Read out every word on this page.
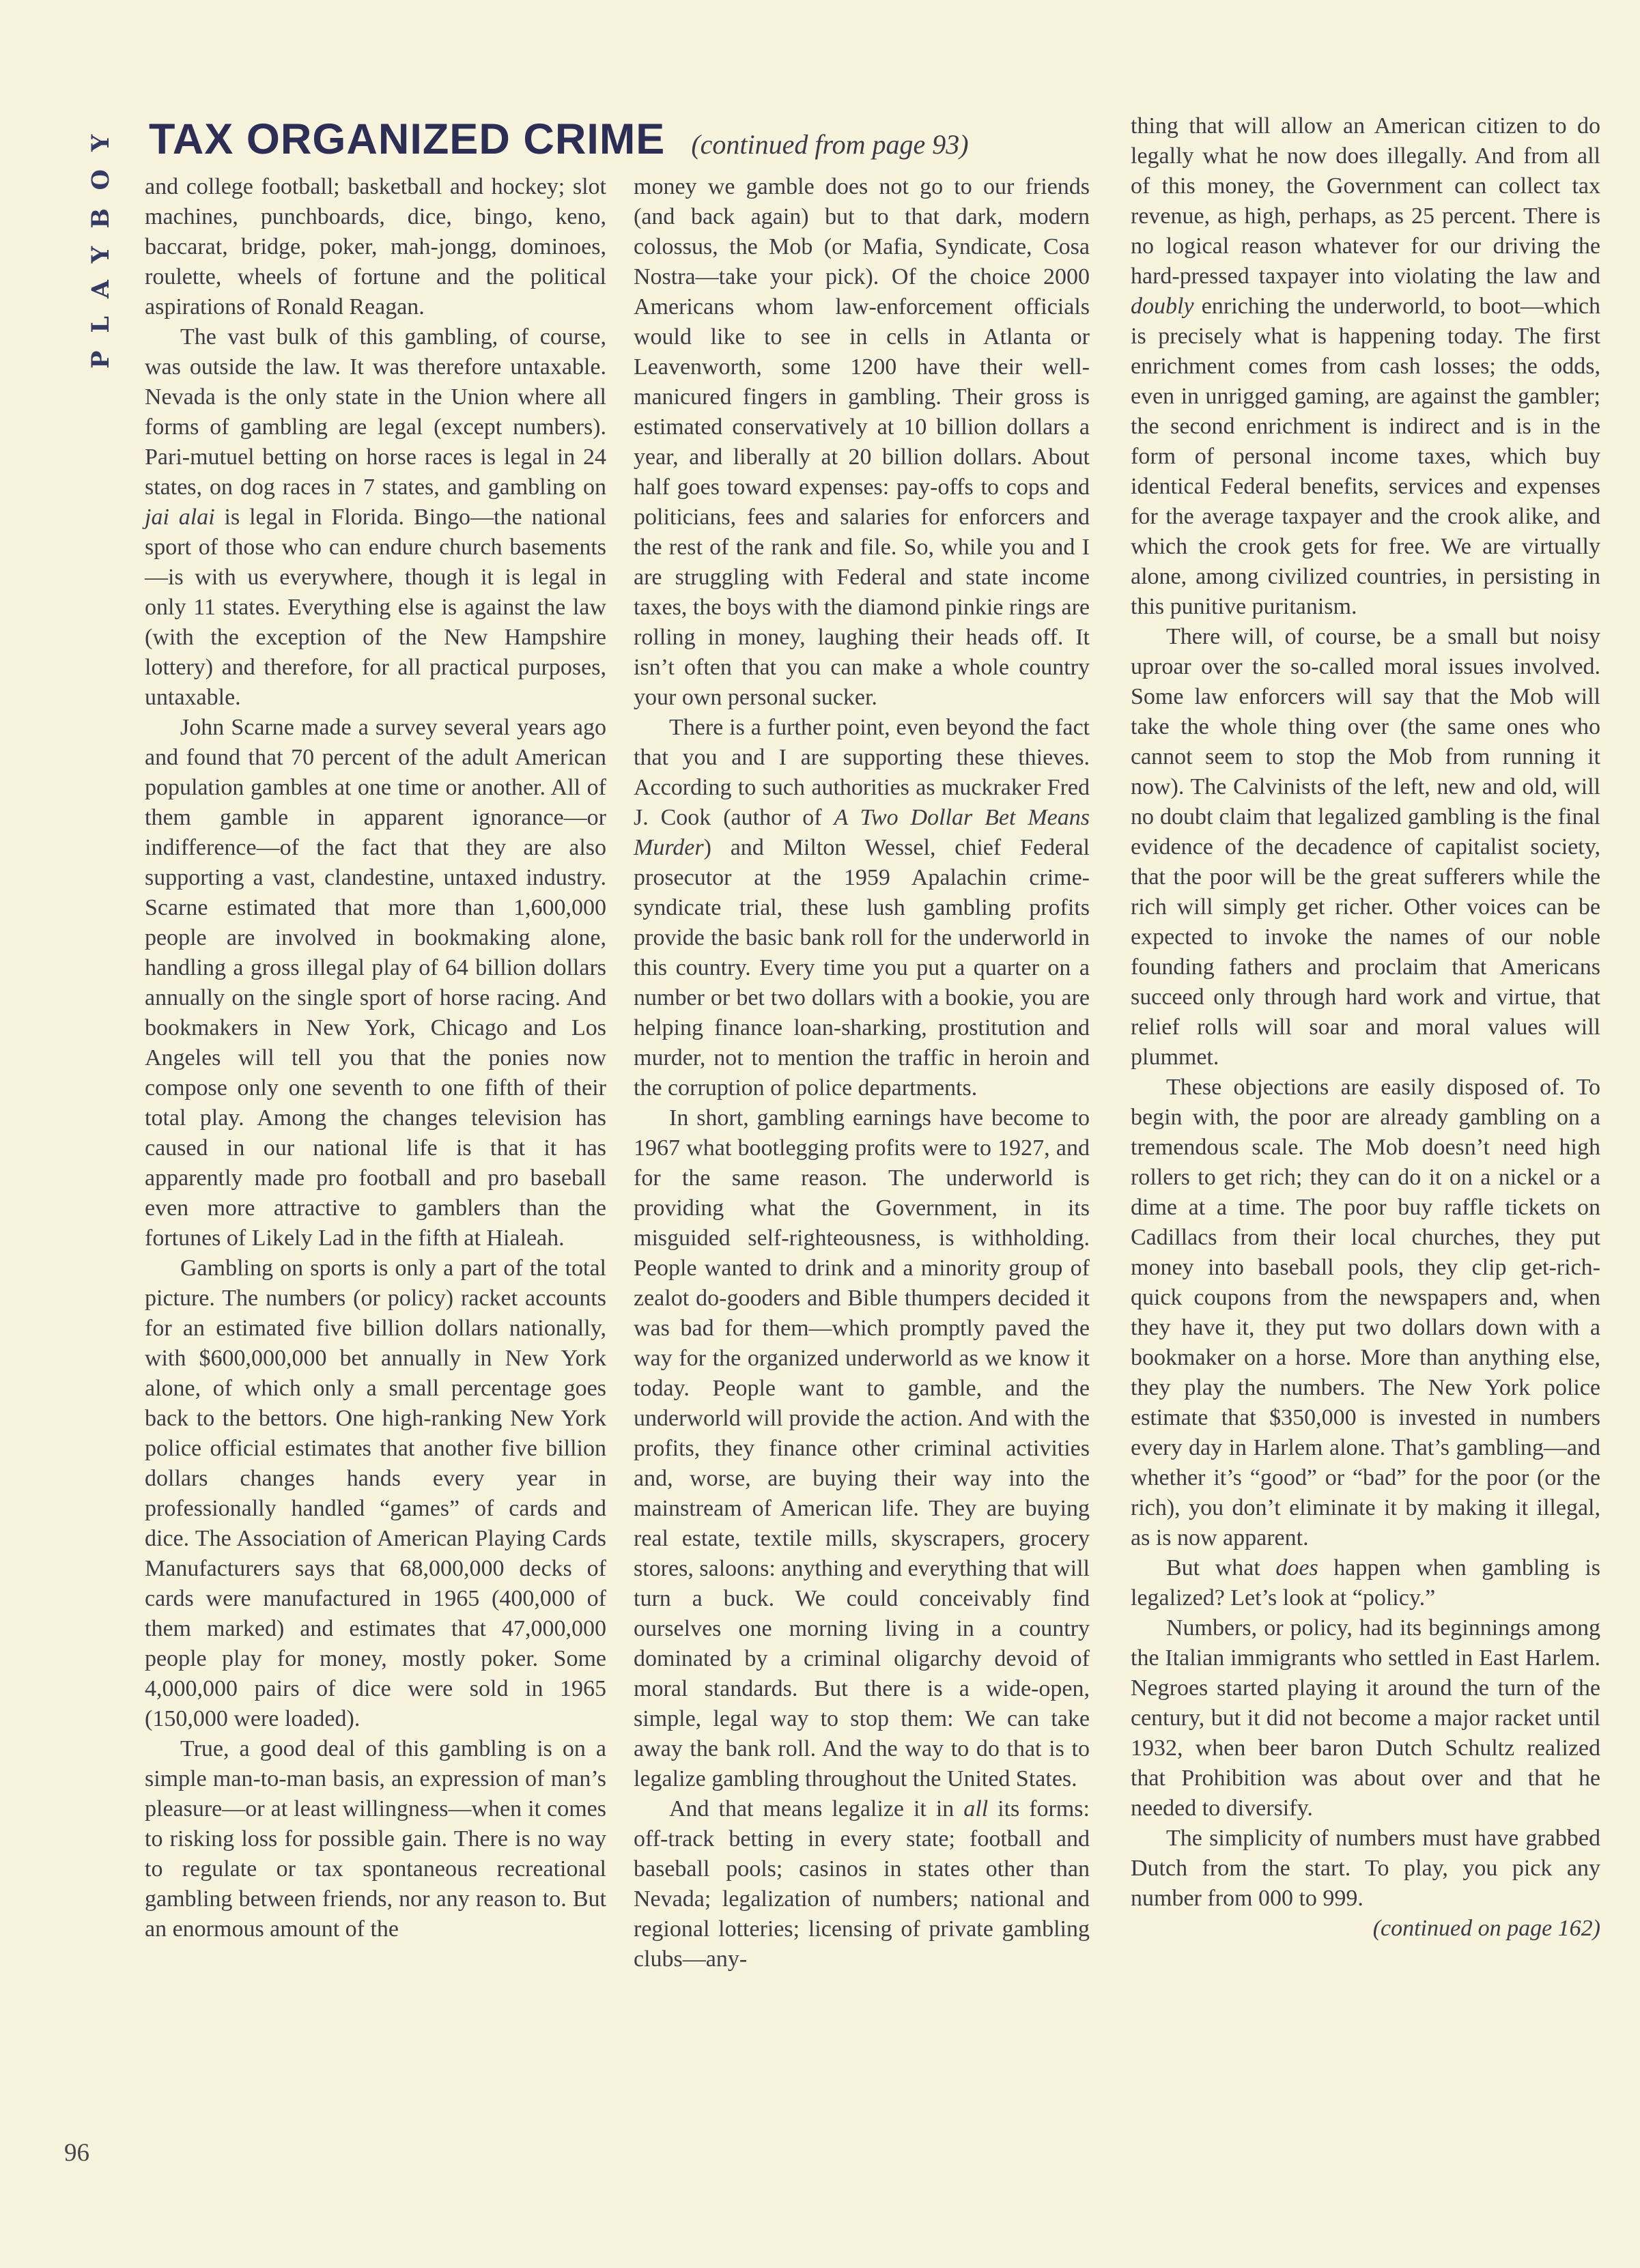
PLAYBOY TAX ORGANIZED CRIME (continued from page 93)

and college football; basketball and hockey; slot machines, punchboards, dice, bingo, keno, baccarat, bridge, poker, mah-jongg, dominoes, roulette, wheels of fortune and the political aspirations of Ronald Reagan.

The vast bulk of this gambling, of course, was outside the law. It was therefore untaxable. Nevada is the only state in the Union where all forms of gambling are legal (except numbers). Pari-mutuel betting on horse races is legal in 24 states, on dog races in 7 states, and gambling on jai alai is legal in Florida. Bingo—the national sport of those who can endure church basements—is with us everywhere, though it is legal in only 11 states. Everything else is against the law (with the exception of the New Hampshire lottery) and therefore, for all practical purposes, untaxable.

John Scarne made a survey several years ago and found that 70 percent of the adult American population gambles at one time or another. All of them gamble in apparent ignorance—or indifference—of the fact that they are also supporting a vast, clandestine, untaxed industry. Scarne estimated that more than 1,600,000 people are involved in bookmaking alone, handling a gross illegal play of 64 billion dollars annually on the single sport of horse racing. And bookmakers in New York, Chicago and Los Angeles will tell you that the ponies now compose only one seventh to one fifth of their total play. Among the changes television has caused in our national life is that it has apparently made pro football and pro baseball even more attractive to gamblers than the fortunes of Likely Lad in the fifth at Hialeah.

Gambling on sports is only a part of the total picture. The numbers (or policy) racket accounts for an estimated five billion dollars nationally, with $600,000,000 bet annually in New York alone, of which only a small percentage goes back to the bettors. One high-ranking New York police official estimates that another five billion dollars changes hands every year in professionally handled “games” of cards and dice. The Association of American Playing Cards Manufacturers says that 68,000,000 decks of cards were manufactured in 1965 (400,000 of them marked) and estimates that 47,000,000 people play for money, mostly poker. Some 4,000,000 pairs of dice were sold in 1965 (150,000 were loaded).

True, a good deal of this gambling is on a simple man-to-man basis, an expression of man’s pleasure—or at least willingness—when it comes to risking loss for possible gain. There is no way to regulate or tax spontaneous recreational gambling between friends, nor any reason to. But an enormous amount of the

money we gamble does not go to our friends (and back again) but to that dark, modern colossus, the Mob (or Mafia, Syndicate, Cosa Nostra—take your pick). Of the choice 2000 Americans whom law-enforcement officials would like to see in cells in Atlanta or Leavenworth, some 1200 have their well-manicured fingers in gambling. Their gross is estimated conservatively at 10 billion dollars a year, and liberally at 20 billion dollars. About half goes toward expenses: pay-offs to cops and politicians, fees and salaries for enforcers and the rest of the rank and file. So, while you and I are struggling with Federal and state income taxes, the boys with the diamond pinkie rings are rolling in money, laughing their heads off. It isn’t often that you can make a whole country your own personal sucker.

There is a further point, even beyond the fact that you and I are supporting these thieves. According to such authorities as muckraker Fred J. Cook (author of A Two Dollar Bet Means Murder) and Milton Wessel, chief Federal prosecutor at the 1959 Apalachin crime-syndicate trial, these lush gambling profits provide the basic bank roll for the underworld in this country. Every time you put a quarter on a number or bet two dollars with a bookie, you are helping finance loan-sharking, prostitution and murder, not to mention the traffic in heroin and the corruption of police departments.

In short, gambling earnings have become to 1967 what bootlegging profits were to 1927, and for the same reason. The underworld is providing what the Government, in its misguided self-righteousness, is withholding. People wanted to drink and a minority group of zealot do-gooders and Bible thumpers decided it was bad for them—which promptly paved the way for the organized underworld as we know it today. People want to gamble, and the underworld will provide the action. And with the profits, they finance other criminal activities and, worse, are buying their way into the mainstream of American life. They are buying real estate, textile mills, skyscrapers, grocery stores, saloons: anything and everything that will turn a buck. We could conceivably find ourselves one morning living in a country dominated by a criminal oligarchy devoid of moral standards. But there is a wide-open, simple, legal way to stop them: We can take away the bank roll. And the way to do that is to legalize gambling throughout the United States.

And that means legalize it in all its forms: off-track betting in every state; football and baseball pools; casinos in states other than Nevada; legalization of numbers; national and regional lotteries; licensing of private gambling clubs—any-

thing that will allow an American citizen to do legally what he now does illegally. And from all of this money, the Government can collect tax revenue, as high, perhaps, as 25 percent. There is no logical reason whatever for our driving the hard-pressed taxpayer into violating the law and doubly enriching the underworld, to boot—which is precisely what is happening today. The first enrichment comes from cash losses; the odds, even in unrigged gaming, are against the gambler; the second enrichment is indirect and is in the form of personal income taxes, which buy identical Federal benefits, services and expenses for the average taxpayer and the crook alike, and which the crook gets for free. We are virtually alone, among civilized countries, in persisting in this punitive puritanism.

There will, of course, be a small but noisy uproar over the so-called moral issues involved. Some law enforcers will say that the Mob will take the whole thing over (the same ones who cannot seem to stop the Mob from running it now). The Calvinists of the left, new and old, will no doubt claim that legalized gambling is the final evidence of the decadence of capitalist society, that the poor will be the great sufferers while the rich will simply get richer. Other voices can be expected to invoke the names of our noble founding fathers and proclaim that Americans succeed only through hard work and virtue, that relief rolls will soar and moral values will plummet.

These objections are easily disposed of. To begin with, the poor are already gambling on a tremendous scale. The Mob doesn’t need high rollers to get rich; they can do it on a nickel or a dime at a time. The poor buy raffle tickets on Cadillacs from their local churches, they put money into baseball pools, they clip get-rich-quick coupons from the newspapers and, when they have it, they put two dollars down with a bookmaker on a horse. More than anything else, they play the numbers. The New York police estimate that $350,000 is invested in numbers every day in Harlem alone. That’s gambling—and whether it’s “good” or “bad” for the poor (or the rich), you don’t eliminate it by making it illegal, as is now apparent.

But what does happen when gambling is legalized? Let’s look at “policy.”

Numbers, or policy, had its beginnings among the Italian immigrants who settled in East Harlem. Negroes started playing it around the turn of the century, but it did not become a major racket until 1932, when beer baron Dutch Schultz realized that Prohibition was about over and that he needed to diversify.

The simplicity of numbers must have grabbed Dutch from the start. To play, you pick any number from 000 to 999.

(continued on page 162)

96
